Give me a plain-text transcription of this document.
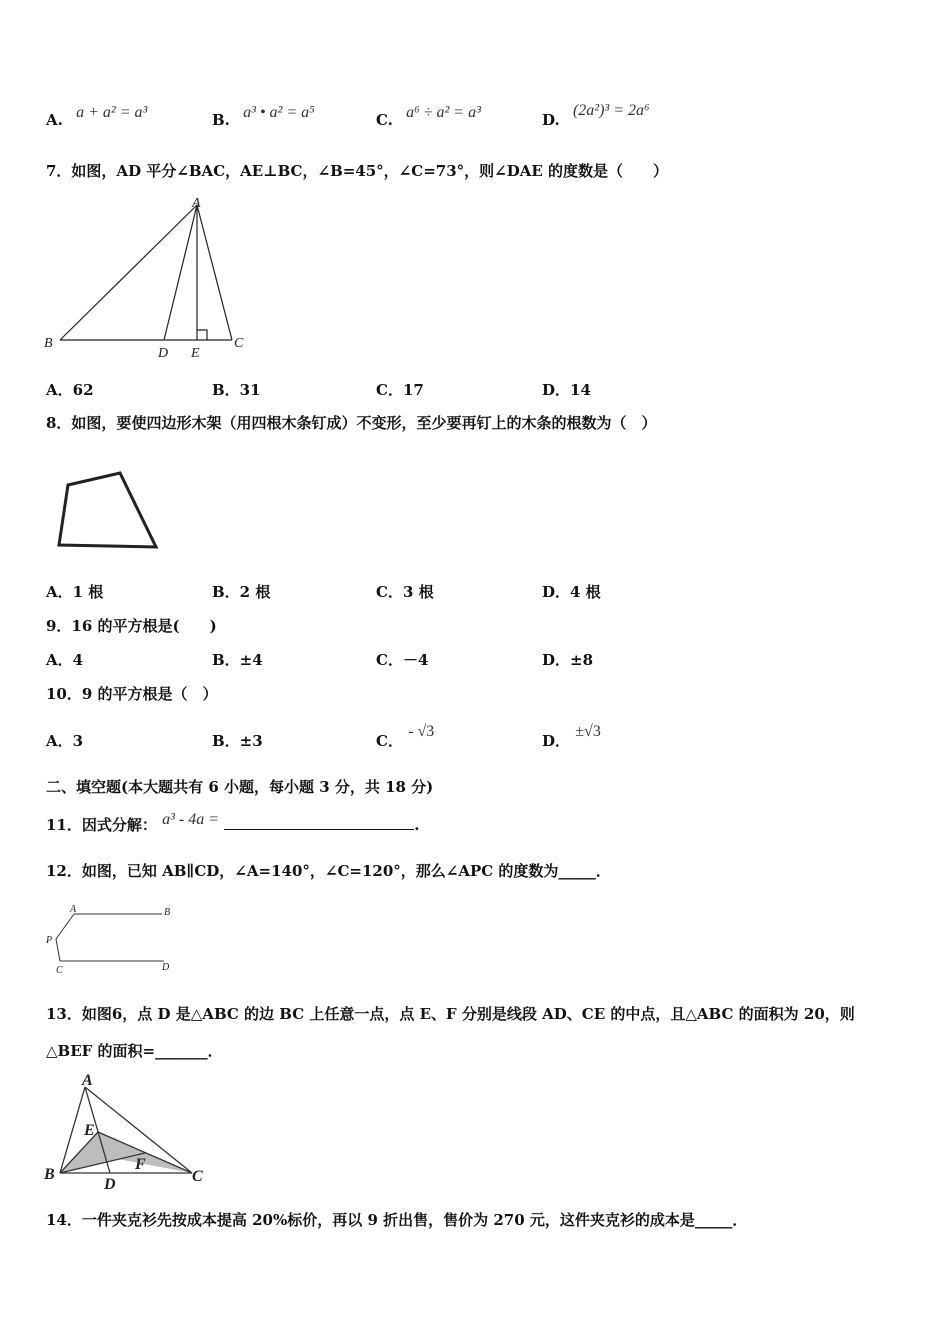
A. a + a² = a³	B. a³ • a² = a⁵	C. a⁶ ÷ a² = a³	D. (2a²)³ = 2a⁶
7．如图，AD 平分∠BAC，AE⊥BC，∠B=45°，∠C=73°，则∠DAE 的度数是（　　）
A
B
D E
C
A．62	B．31	C．17	D．14
8．如图，要使四边形木架（用四根木条钉成）不变形，至少要再钉上的木条的根数为（　）
A．1 根	B．2 根	C．3 根	D．4 根
9．16 的平方根是(　　)
A．4	B．±4	C．－4	D．±8
10．9 的平方根是（　）
A．3	B．±3	C． - √3
D． ±√3
二、填空题(本大题共有 6 小题，每小题 3 分，共 18 分)
11．因式分解： a³ - 4a =	.
12．如图，已知 AB∥CD，∠A=140°，∠C=120°，那么∠APC 的度数为_____．
A	B
P
C	D
13．如图6，点 D 是△ABC 的边 BC 上任意一点，点 E、F 分别是线段 AD、CE 的中点，且△ABC 的面积为 20，则
△BEF 的面积=_______．
A
E
F
B
D	C
14．一件夹克衫先按成本提高 20%标价，再以 9 折出售，售价为 270 元，这件夹克衫的成本是_____．
